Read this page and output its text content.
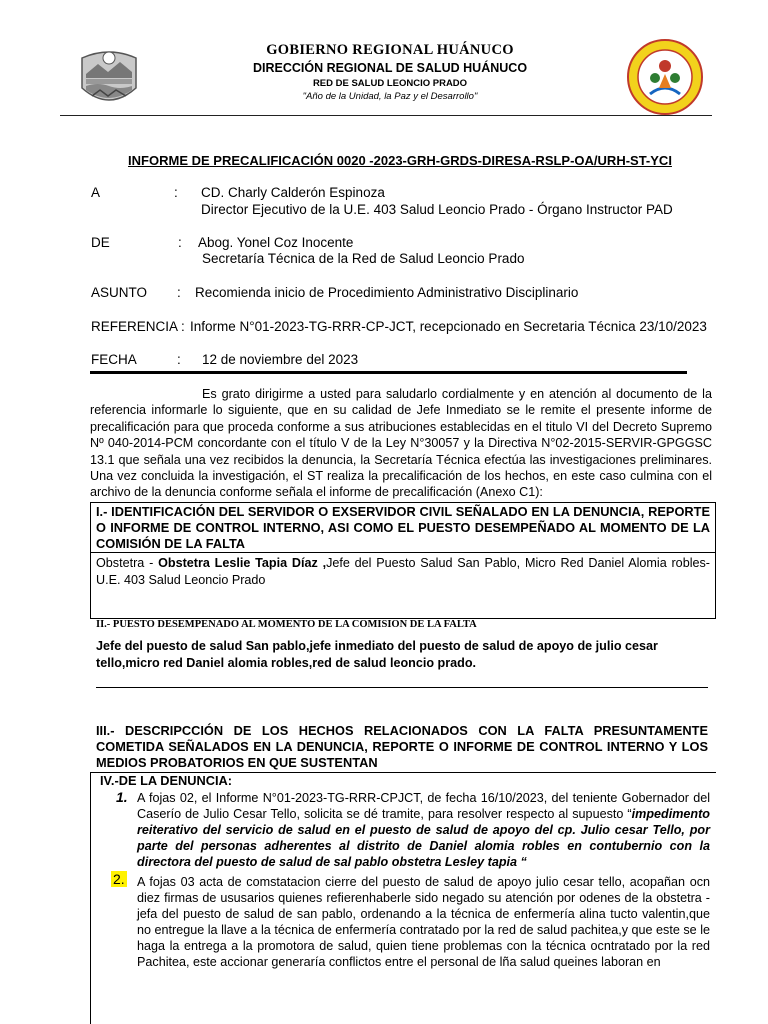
GOBIERNO REGIONAL HUÁNUCO
DIRECCIÓN REGIONAL DE SALUD HUÁNUCO
RED DE SALUD LEONCIO PRADO
"Año de la Unidad, la Paz y el Desarrollo"
INFORME DE PRECALIFICACIÓN 0020 -2023-GRH-GRDS-DIRESA-RSLP-OA/URH-ST-YCI
A	: CD. Charly Calderón Espinoza
Director Ejecutivo de la U.E. 403 Salud Leoncio Prado - Órgano Instructor PAD
DE	: Abog. Yonel Coz Inocente
Secretaría Técnica de la Red de Salud Leoncio Prado
ASUNTO : Recomienda inicio de Procedimiento Administrativo Disciplinario
REFERENCIA : Informe N°01-2023-TG-RRR-CP-JCT, recepcionado en Secretaria Técnica 23/10/2023
FECHA	: 12 de noviembre del 2023
Es grato dirigirme a usted para saludarlo cordialmente y en atención al documento de la referencia informarle lo siguiente, que en su calidad de Jefe Inmediato se le remite el presente informe de precalificación para que proceda conforme a sus atribuciones establecidas en el titulo VI del Decreto Supremo Nº 040-2014-PCM concordante con el título V de la Ley N°30057 y la Directiva N°02-2015-SERVIR-GPGGSC 13.1 que señala una vez recibidos la denuncia, la Secretaría Técnica efectúa las investigaciones preliminares. Una vez concluida la investigación, el ST realiza la precalificación de los hechos, en este caso culmina con el archivo de la denuncia conforme señala el informe de precalificación (Anexo C1):
I.- IDENTIFICACIÓN DEL SERVIDOR O EXSERVIDOR CIVIL SEÑALADO EN LA DENUNCIA, REPORTE O INFORME DE CONTROL INTERNO, ASI COMO EL PUESTO DESEMPEÑADO AL MOMENTO DE LA COMISIÓN DE LA FALTA
Obstetra - Obstetra Leslie Tapia Díaz ,Jefe del Puesto Salud San Pablo, Micro Red Daniel Alomia robles- U.E. 403 Salud Leoncio Prado
II.- PUESTO DESEMPENADO AL MOMENTO DE LA COMISION DE LA FALTA
Jefe del puesto de salud San pablo,jefe inmediato del puesto de salud de apoyo de julio cesar tello,micro red Daniel alomia robles,red de salud leoncio prado.
III.- DESCRIPCCIÓN DE LOS HECHOS RELACIONADOS CON LA FALTA PRESUNTAMENTE COMETIDA SEÑALADOS EN LA DENUNCIA, REPORTE O INFORME DE CONTROL INTERNO Y LOS MEDIOS PROBATORIOS EN QUE SUSTENTAN
IV.-DE LA DENUNCIA:
1. A fojas 02, el Informe N°01-2023-TG-RRR-CPJCT, de fecha 16/10/2023, del teniente Gobernador del Caserío de Julio Cesar Tello, solicita se dé tramite, para resolver respecto al supuesto “impedimento reiterativo del servicio de salud en el puesto de salud de apoyo del cp. Julio cesar Tello, por parte del personas adherentes al distrito de Daniel alomia robles en contubernio con la directora del puesto de salud de sal pablo obstetra Lesley tapia “
2. A fojas 03 acta de comstatacion cierre del puesto de salud de apoyo julio cesar tello, acopañan ocn diez firmas de ususarios quienes refierenhaberle sido negado su atención por odenes de la obstetra -jefa del puesto de salud de san pablo, ordenando a la técnica de enfermería alina tucto valentin,que no entregue la llave a la técnica de enfermería contratado por la red de salud pachitea,y que este se le haga la entrega a la promotora de salud, quien tiene problemas con la técnica ocntratado por la red Pachitea, este accionar generaría conflictos entre el personal de lña salud queines laboran en
